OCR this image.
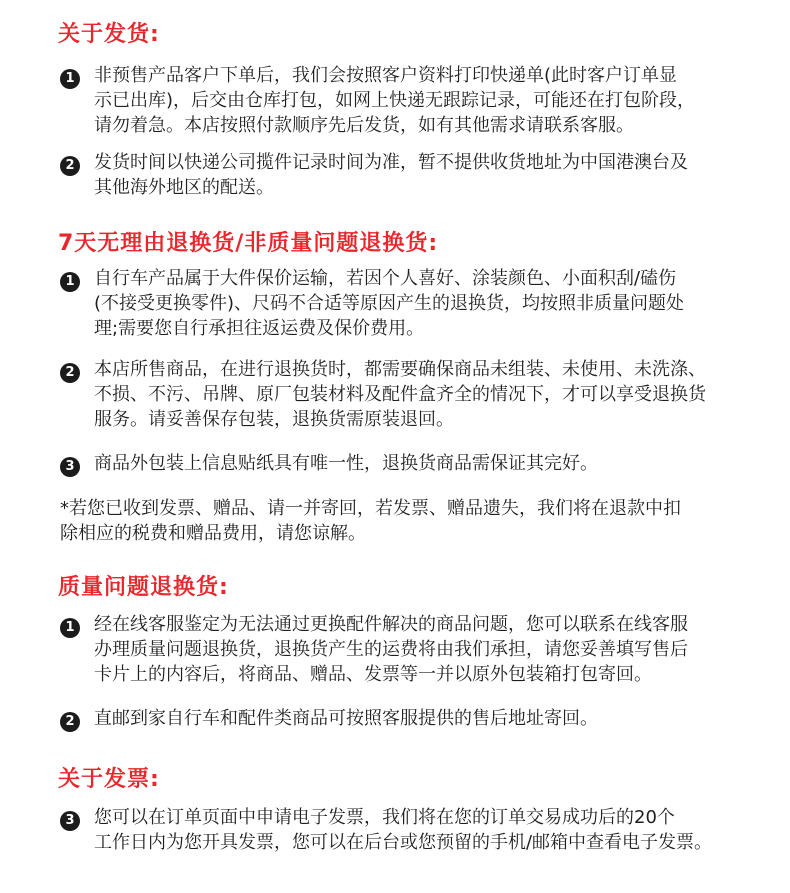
关于发货:
1	非预售产品客户下单后，我们会按照客户资料打印快递单(此时客户订单显
示已出库)，后交由仓库打包，如网上快递无跟踪记录，可能还在打包阶段，
请勿着急。本店按照付款顺序先后发货，如有其他需求请联系客服。
2	发货时间以快递公司揽件记录时间为准，暂不提供收货地址为中国港澳台及
其他海外地区的配送。
7天无理由退换货/非质量问题退换货:
1	自行车产品属于大件保价运输，若因个人喜好、涂装颜色、小面积刮/磕伤
(不接受更换零件)、尺码不合适等原因产生的退换货，均按照非质量问题处
理;需要您自行承担往返运费及保价费用。
2	本店所售商品，在进行退换货时，都需要确保商品未组装、未使用、未洗涤、
不损、不污、吊牌、原厂包装材料及配件盒齐全的情况下，才可以享受退换货
服务。请妥善保存包装，退换货需原装退回。
3	商品外包装上信息贴纸具有唯一性，退换货商品需保证其完好。
*若您已收到发票、赠品、请一并寄回，若发票、赠品遗失，我们将在退款中扣
除相应的税费和赠品费用，请您谅解。
质量问题退换货:
1	经在线客服鉴定为无法通过更换配件解决的商品问题，您可以联系在线客服
办理质量问题退换货，退换货产生的运费将由我们承担，请您妥善填写售后
卡片上的内容后，将商品、赠品、发票等一并以原外包装箱打包寄回。
2	直邮到家自行车和配件类商品可按照客服提供的售后地址寄回。
关于发票:
3	您可以在订单页面中申请电子发票，我们将在您的订单交易成功后的20个
工作日内为您开具发票，您可以在后台或您预留的手机/邮箱中查看电子发票。
